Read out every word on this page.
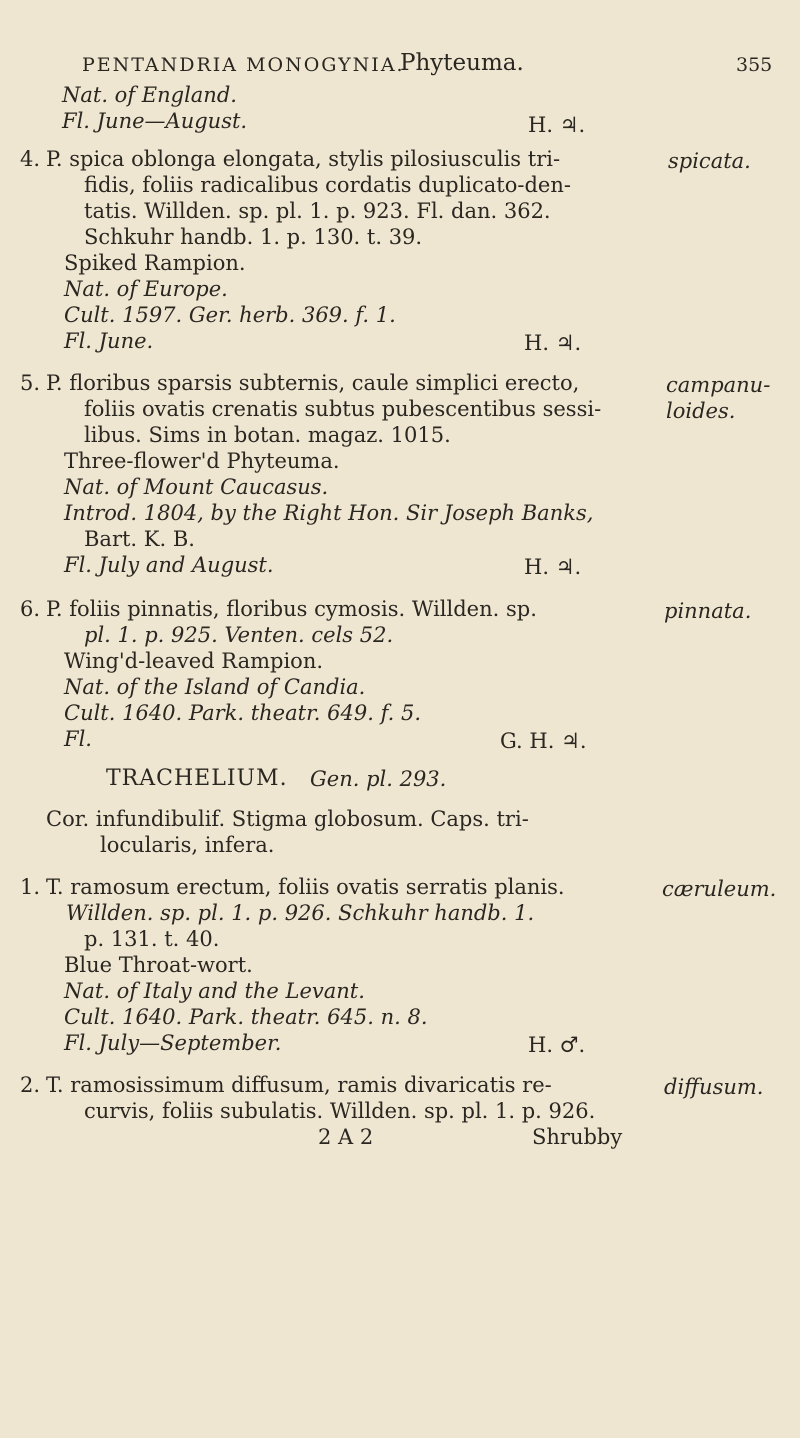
PENTANDRIA MONOGYNIA.
Phyteuma.	355
Nat. of England.
Fl. June—August.	H. ♃.
4. P. spica oblonga elongata, stylis pilosiusculis tri-	spicata.
fidis, foliis radicalibus cordatis duplicato-den-
tatis. Willden. sp. pl. 1. p. 923. Fl. dan. 362.
Schkuhr handb. 1. p. 130. t. 39.
Spiked Rampion.
Nat. of Europe.
Cult. 1597. Ger. herb. 369. f. 1.
Fl. June.	H. ♃.
5. P. floribus sparsis subternis, caule simplici erecto,	campanu-
foliis ovatis crenatis subtus pubescentibus sessi-	loides.
libus. Sims in botan. magaz. 1015.
Three-flower'd Phyteuma.
Nat. of Mount Caucasus.
Introd. 1804, by the Right Hon. Sir Joseph Banks,
Bart. K. B.
Fl. July and August.	H. ♃.
6. P. foliis pinnatis, floribus cymosis. Willden. sp.	pinnata.
pl. 1. p. 925. Venten. cels 52.
Wing'd-leaved Rampion.
Nat. of the Island of Candia.
Cult. 1640. Park. theatr. 649. f. 5.
Fl.	G. H. ♃.
TRACHELIUM. Gen. pl. 293.
Cor. infundibulif. Stigma globosum. Caps. tri-
locularis, infera.
1. T. ramosum erectum, foliis ovatis serratis planis.	cæruleum.
Willden. sp. pl. 1. p. 926. Schkuhr handb. 1.
p. 131. t. 40.
Blue Throat-wort.
Nat. of Italy and the Levant.
Cult. 1640. Park. theatr. 645. n. 8.
Fl. July—September.	H. ♂.
2. T. ramosissimum diffusum, ramis divaricatis re-	diffusum.
curvis, foliis subulatis. Willden. sp. pl. 1. p. 926.
2 A 2	Shrubby
